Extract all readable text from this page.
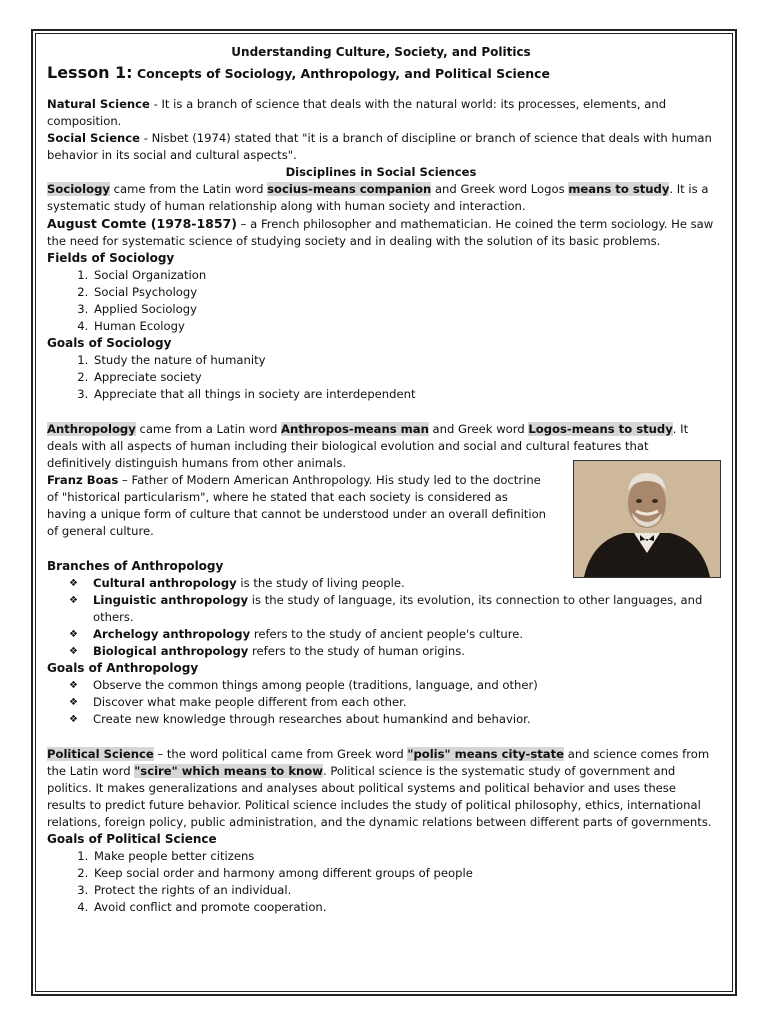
Understanding Culture, Society, and Politics
Lesson 1: Concepts of Sociology, Anthropology, and Political Science

Natural Science - It is a branch of science that deals with the natural world: its processes, elements, and composition.

Social Science - Nisbet (1974) stated that "it is a branch of discipline or branch of science that deals with human behavior in its social and cultural aspects".

Disciplines in Social Sciences

Sociology came from the Latin word socius-means companion and Greek word Logos means to study. It is a systematic study of human relationship along with human society and interaction.

August Comte (1978-1857) – a French philosopher and mathematician. He coined the term sociology. He saw the need for systematic science of studying society and in dealing with the solution of its basic problems.

Fields of Sociology

1. Social Organization
2. Social Psychology
3. Applied Sociology
4. Human Ecology

Goals of Sociology

1. Study the nature of humanity
2. Appreciate society
3. Appreciate that all things in society are interdependent

Anthropology came from a Latin word Anthropos-means man and Greek word Logos-means to study. It deals with all aspects of human including their biological evolution and social and cultural features that definitively distinguish humans from other animals.

Franz Boas – Father of Modern American Anthropology. His study led to the doctrine of "historical particularism", where he stated that each society is considered as having a unique form of culture that cannot be understood under an overall definition of general culture.

Branches of Anthropology

❖ Cultural anthropology is the study of living people.
❖ Linguistic anthropology is the study of language, its evolution, its connection to other languages, and others.
❖ Archelogy anthropology refers to the study of ancient people's culture.
❖ Biological anthropology refers to the study of human origins.

Goals of Anthropology

❖ Observe the common things among people (traditions, language, and other)
❖ Discover what make people different from each other.
❖ Create new knowledge through researches about humankind and behavior.

Political Science – the word political came from Greek word "polis" means city-state and science comes from the Latin word "scire" which means to know. Political science is the systematic study of government and politics. It makes generalizations and analyses about political systems and political behavior and uses these results to predict future behavior. Political science includes the study of political philosophy, ethics, international relations, foreign policy, public administration, and the dynamic relations between different parts of governments.

Goals of Political Science

1. Make people better citizens
2. Keep social order and harmony among different groups of people
3. Protect the rights of an individual.
4. Avoid conflict and promote cooperation.
